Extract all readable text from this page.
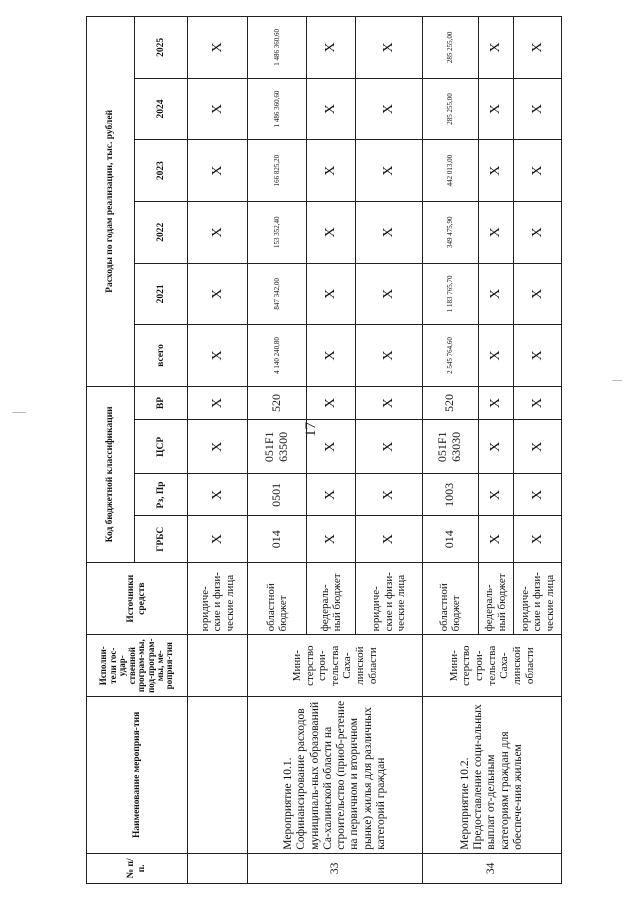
17
№ п/п.	Наименование мероприя-тия	Исполни-тели гос-удар-ственной програм-мы, под-програм-мы, ме-роприя-тия	Источники средств	Код бюджетной классификации				Расходы по годам реализации, тыс. рублей					
				ГРБС	Рз, Пр	ЦСР	ВР	всего	2021	2022	2023	2024	2025
			юридиче-ские и физи-ческие лица	X	X	X	X	X	X	X	X	X	X
33	Мероприятие 10.1. Софинансирование расходов муниципаль-ных образований Са-халинской области на строительство (приоб-ретение на первичном и вторичном рынке) жилья для различных категорий граждан	Мини-стерство строи-тельства Саха-линской области	областной бюджет	014	0501	051F1 63500	520	4 140 240,80	847 342,00	153 352,40	166 825,20	1 486 360,60	1 486 360,60
			федераль-ный бюджет	X	X	X	X	X	X	X	X	X	X
			юридиче-ские и физи-ческие лица	X	X	X	X	X	X	X	X	X	X
34	Мероприятие 10.2. Предоставление соци-альных выплат от-дельным категориям граждан для обеспече-ния жильем	Мини-стерство строи-тельства Саха-линской области	областной бюджет	014	1003	051F1 63030	520	2 545 764,60	1 183 765,70	349 475,90	442 013,00	285 255,00	285 255,00
			федераль-ный бюджет	X	X	X	X	X	X	X	X	X	X
			юридиче-ские и физи-ческие лица	X	X	X	X	X	X	X	X	X	X
